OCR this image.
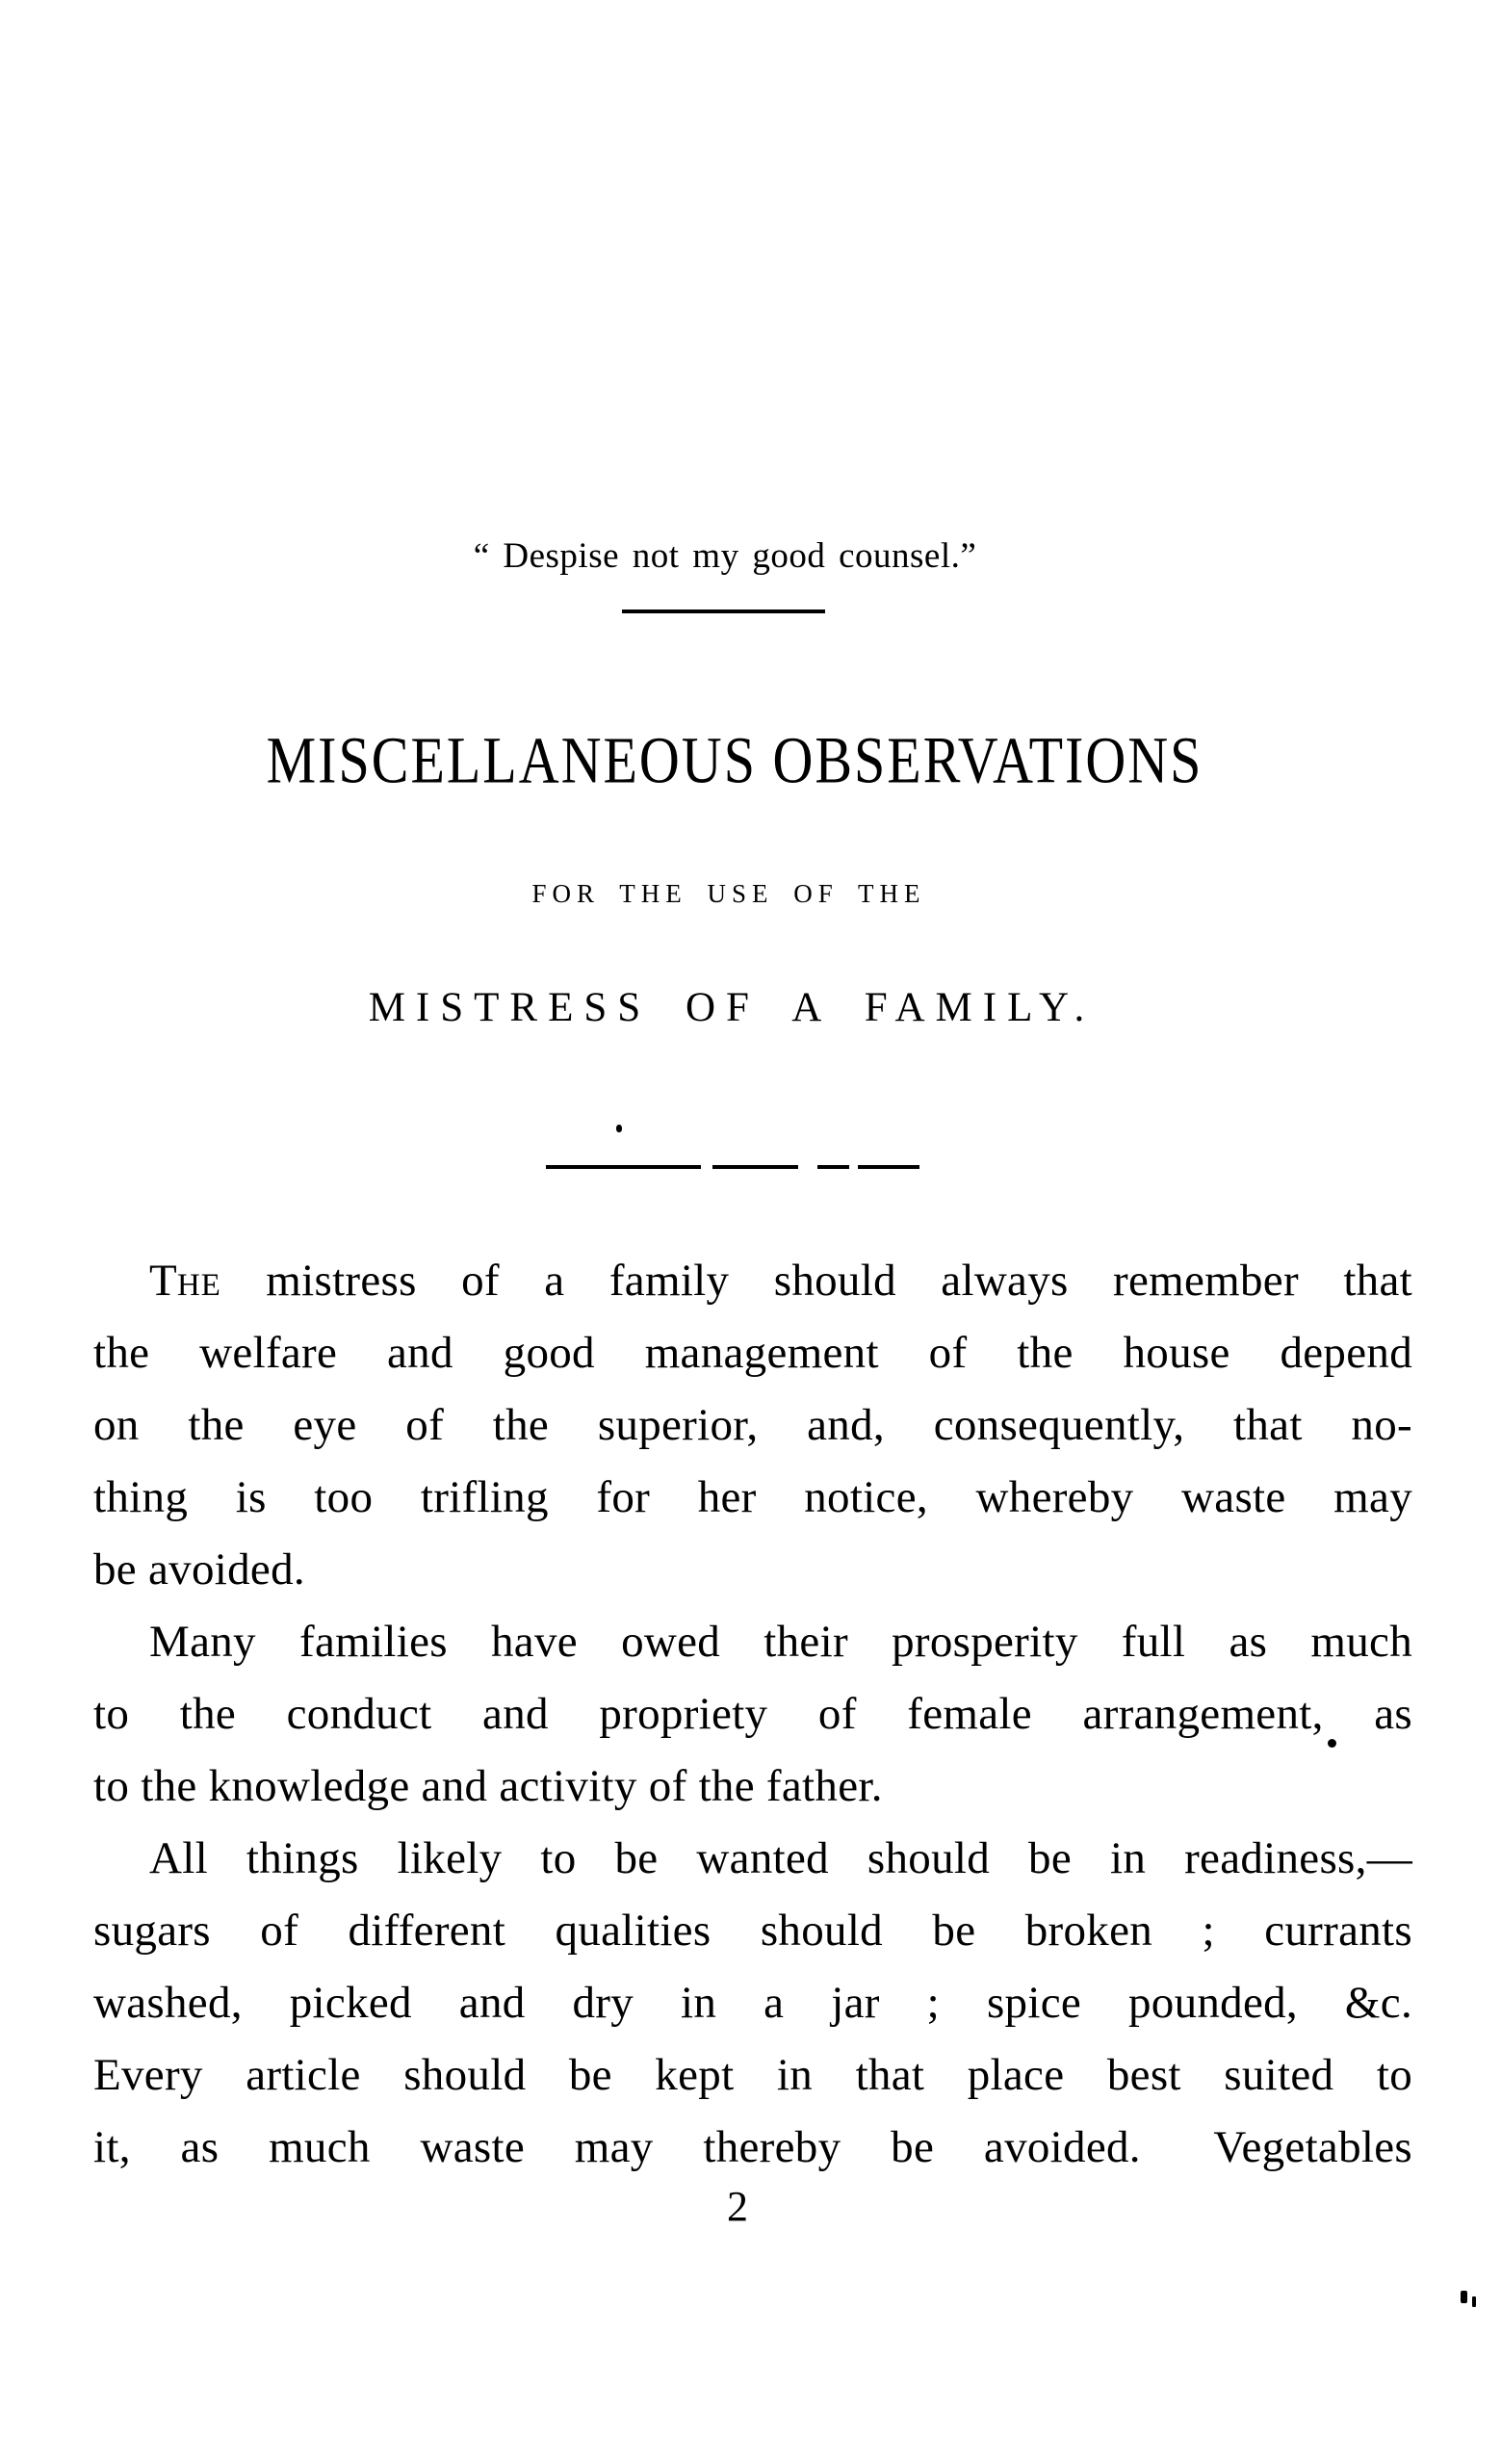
“ Despise not my good counsel.”
MISCELLANEOUS OBSERVATIONS
FOR THE USE OF THE
MISTRESS OF A FAMILY.
THE mistress of a family should always remember that
the welfare and good management of the house depend
on the eye of the superior, and, consequently, that no-
thing is too trifling for her notice, whereby waste may
be avoided.
Many families have owed their prosperity full as much
to the conduct and propriety of female arrangement, as
to the knowledge and activity of the father.
All things likely to be wanted should be in readiness,—
sugars of different qualities should be broken ; currants
washed, picked and dry in a jar ; spice pounded, &c.
Every article should be kept in that place best suited to
it, as much waste may thereby be avoided.  Vegetables
2
